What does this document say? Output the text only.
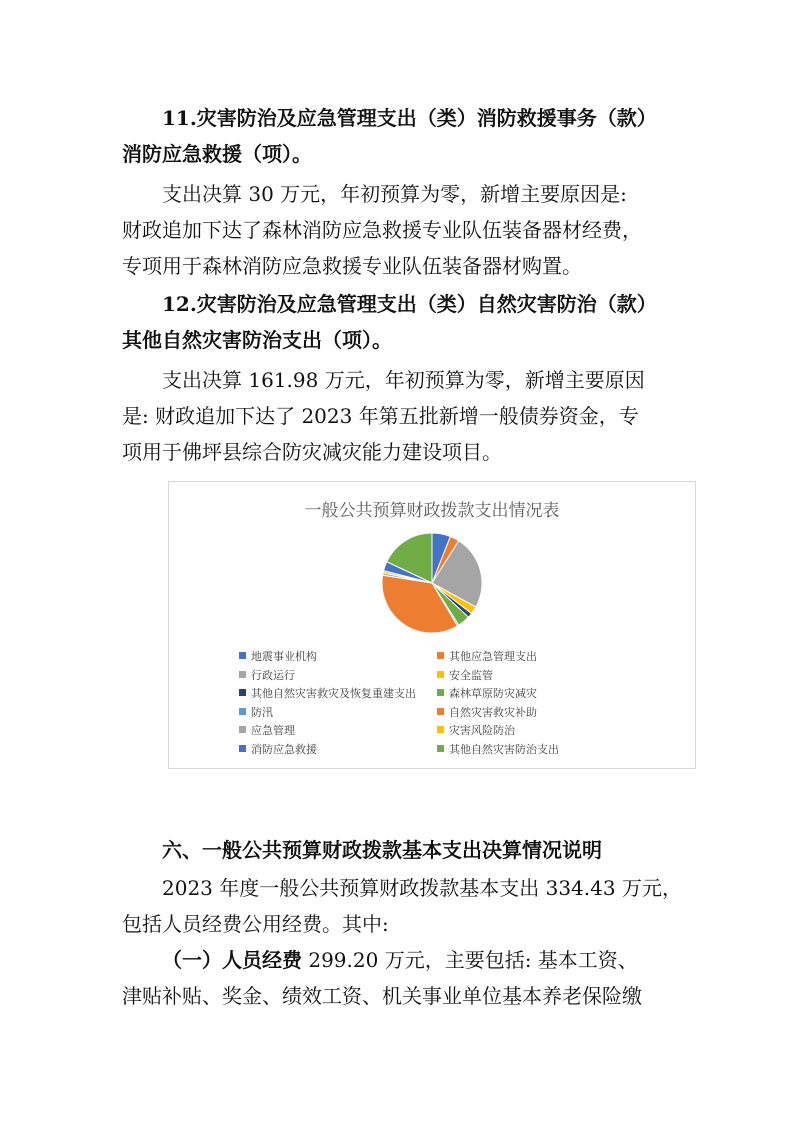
11.灾害防治及应急管理支出（类）消防救援事务（款）
消防应急救援（项）。

支出决算 30 万元，年初预算为零，新增主要原因是:
财政追加下达了森林消防应急救援专业队伍装备器材经费，
专项用于森林消防应急救援专业队伍装备器材购置。

12.灾害防治及应急管理支出（类）自然灾害防治（款）
其他自然灾害防治支出（项）。

支出决算 161.98 万元，年初预算为零，新增主要原因
是: 财政追加下达了 2023 年第五批新增一般债券资金，专
项用于佛坪县综合防灾减灾能力建设项目。

一般公共预算财政拨款支出情况表
地震事业机构	其他应急管理支出
行政运行	安全监管
其他自然灾害救灾及恢复重建支出	森林草原防灾减灾
防汛	自然灾害救灾补助
应急管理	灾害风险防治
消防应急救援	其他自然灾害防治支出

六、一般公共预算财政拨款基本支出决算情况说明

2023 年度一般公共预算财政拨款基本支出 334.43 万元，
包括人员经费公用经费。其中:

（一）人员经费 299.20 万元，主要包括: 基本工资、
津贴补贴、奖金、绩效工资、机关事业单位基本养老保险缴
